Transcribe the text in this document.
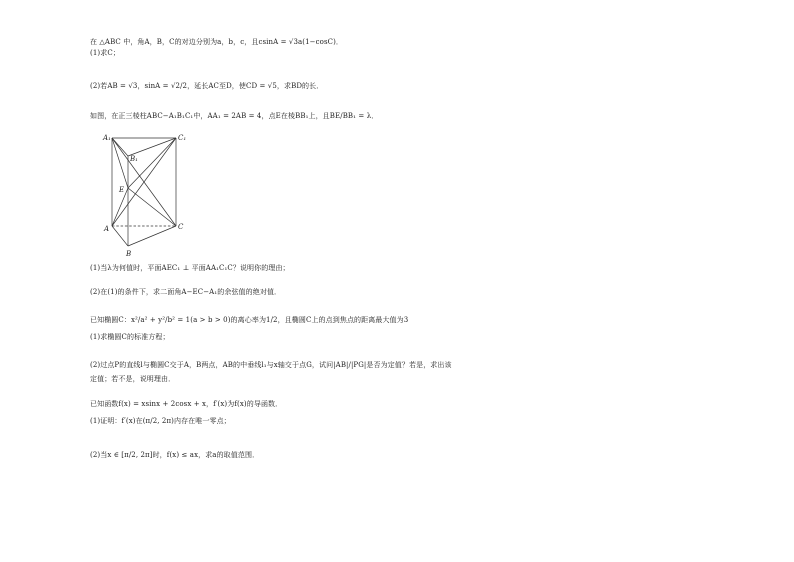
在 △ABC 中，角A，B，C的对边分别为a，b，c，且csinA = √3a(1−cosC)．
(1)求C；
(2)若AB = √3，sinA = √2/2，延长AC至D，使CD = √5，求BD的长．
如图，在正三棱柱ABC−A₁B₁C₁中，AA₁ = 2AB = 4，点E在棱BB₁上，且BE/BB₁ = λ．
A₁	C₁
B₁
E
A	C
B
(1)当λ为何值时，平面AEC₁ ⊥ 平面AA₁C₁C？说明你的理由；
(2)在(1)的条件下，求二面角A−EC−A₁的余弦值的绝对值．
已知椭圆C：x²/a² + y²/b² = 1(a > b > 0)的离心率为1/2，且椭圆C上的点到焦点的距离最大值为3
(1)求椭圆C的标准方程；
(2)过点P的直线l与椭圆C交于A，B两点，AB的中垂线l₁与x轴交于点G，试问|AB|/|PG|是否为定值？若是，求出该
定值；若不是，说明理由．
已知函数f(x) = xsinx + 2cosx + x，f′(x)为f(x)的导函数．
(1)证明：f′(x)在(π/2, 2π)内存在唯一零点；
(2)当x ∈ [π/2, 2π]时，f(x) ≤ ax，求a的取值范围．
